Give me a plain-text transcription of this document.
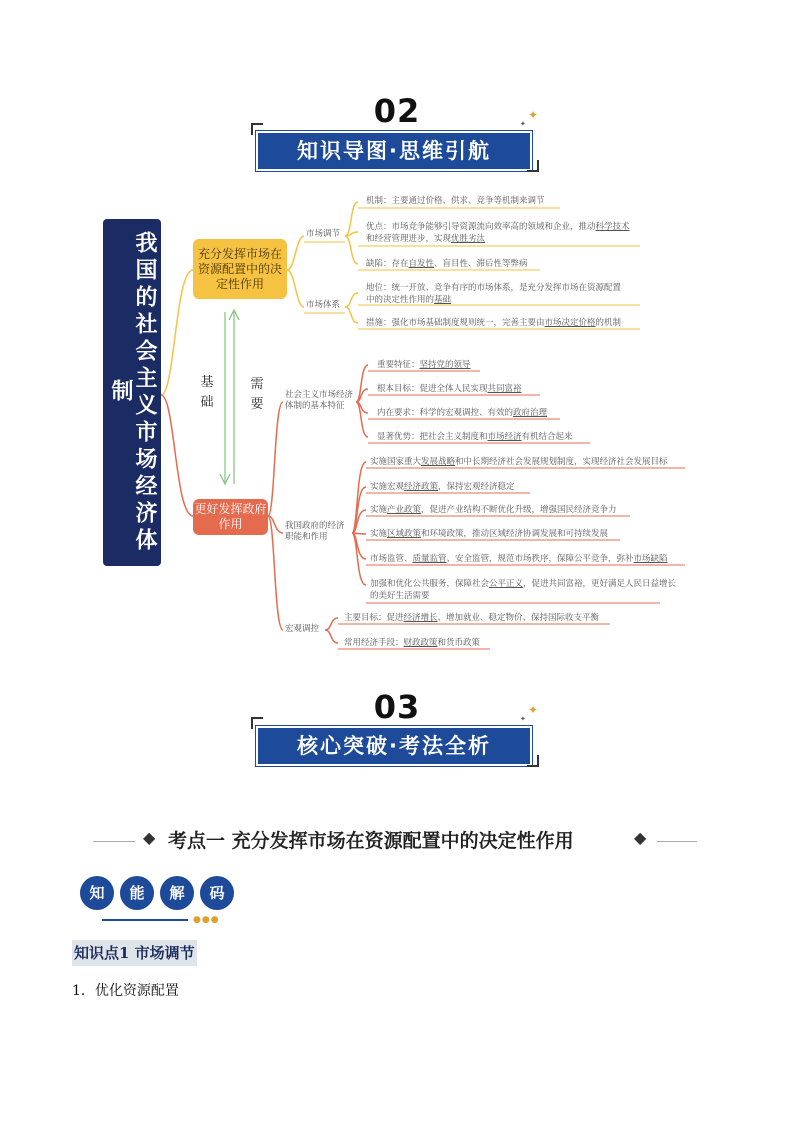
02
知识导图·思维引航
✦
✦
我国的社会主义市场经济体制
充分发挥市场在资源配置中的决定性作用
更好发挥政府作用
基础
需要
市场调节
市场体系
机制：主要通过价格、供求、竞争等机制来调节
优点：市场竞争能够引导资源流向效率高的领域和企业，推动科学技术
和经营管理进步，实现优胜劣汰
缺陷：存在自发性、盲目性、滞后性等弊病
地位：统一开放、竞争有序的市场体系，是充分发挥市场在资源配置
中的决定性作用的基础
措施：强化市场基础制度规则统一，完善主要由市场决定价格的机制
社会主义市场经济体制的基本特征
我国政府的经济职能和作用
宏观调控
重要特征：坚持党的领导
根本目标：促进全体人民实现共同富裕
内在要求：科学的宏观调控、有效的政府治理
显著优势：把社会主义制度和市场经济有机结合起来
实施国家重大发展战略和中长期经济社会发展规划制度，实现经济社会发展目标
实施宏观经济政策，保持宏观经济稳定
实施产业政策，促进产业结构不断优化升级，增强国民经济竞争力
实施区域政策和环境政策，推动区域经济协调发展和可持续发展
市场监管、质量监管、安全监管，规范市场秩序，保障公平竞争，弥补市场缺陷
加强和优化公共服务，保障社会公平正义，促进共同富裕，更好满足人民日益增长的美好生活需要
主要目标：促进经济增长、增加就业、稳定物价、保持国际收支平衡
常用经济手段：财政政策和货币政策
03
核心突破·考法全析
✦
✦
◆ 考点一 充分发挥市场在资源配置中的决定性作用	◆
知	能	解	码
●●●
知识点1 市场调节
1．优化资源配置
